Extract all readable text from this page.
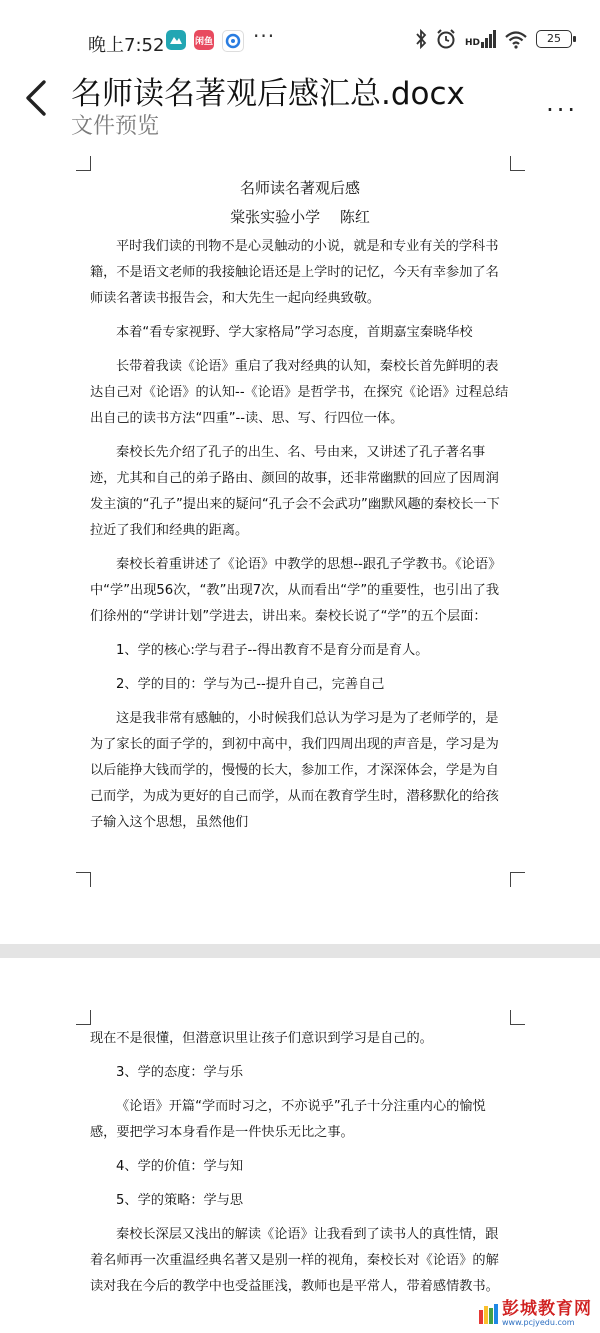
晚上7:52	闲鱼 ···	HD	25
名师读名著观后感汇总.docx
文件预览
···
名师读名著观后感
棠张实验小学　 陈红

平时我们读的刊物不是心灵触动的小说，就是和专业有关的学科书籍，不是语文老师的我接触论语还是上学时的记忆，今天有幸参加了名师读名著读书报告会，和大先生一起向经典致敬。

本着“看专家视野、学大家格局”学习态度，首期嘉宝秦晓华校

长带着我读《论语》重启了我对经典的认知，秦校长首先鲜明的表达自己对《论语》的认知--《论语》是哲学书，在探究《论语》过程总结出自己的读书方法“四重”--读、思、写、行四位一体。

秦校长先介绍了孔子的出生、名、号由来，又讲述了孔子著名事迹，尤其和自己的弟子路由、颜回的故事，还非常幽默的回应了因周润发主演的“孔子”提出来的疑问“孔子会不会武功”幽默风趣的秦校长一下拉近了我们和经典的距离。

秦校长着重讲述了《论语》中教学的思想--跟孔子学教书。《论语》中“学”出现56次，“教”出现7次，从而看出“学”的重要性，也引出了我们徐州的“学讲计划”学进去，讲出来。秦校长说了“学”的五个层面：

1、学的核心:学与君子--得出教育不是育分而是育人。

2、学的目的：学与为己--提升自己，完善自己

这是我非常有感触的，小时候我们总认为学习是为了老师学的，是为了家长的面子学的，到初中高中，我们四周出现的声音是，学习是为以后能挣大钱而学的，慢慢的长大，参加工作，才深深体会，学是为自己而学，为成为更好的自己而学，从而在教育学生时，潜移默化的给孩子输入这个思想，虽然他们

现在不是很懂，但潜意识里让孩子们意识到学习是自己的。

3、学的态度：学与乐

《论语》开篇“学而时习之，不亦说乎”孔子十分注重内心的愉悦感，要把学习本身看作是一件快乐无比之事。

4、学的价值：学与知

5、学的策略：学与思

秦校长深层又浅出的解读《论语》让我看到了读书人的真性情，跟着名师再一次重温经典名著又是别一样的视角，秦校长对《论语》的解读对我在今后的教学中也受益匪浅，教师也是平常人，带着感情教书。

彭城教育网
www.pcjyedu.com
